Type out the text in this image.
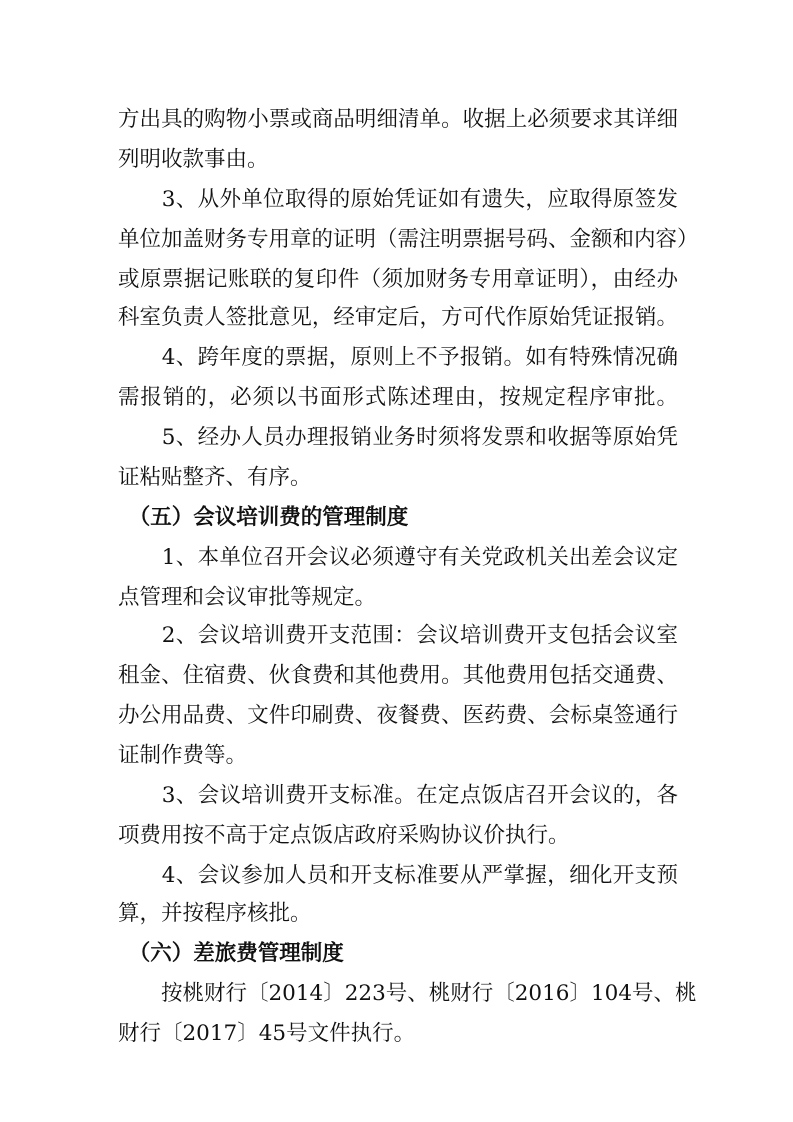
方出具的购物小票或商品明细清单。收据上必须要求其详细
列明收款事由。
　　3、从外单位取得的原始凭证如有遗失，应取得原签发
单位加盖财务专用章的证明（需注明票据号码、金额和内容）
或原票据记账联的复印件（须加财务专用章证明），由经办
科室负责人签批意见，经审定后，方可代作原始凭证报销。
　　4、跨年度的票据，原则上不予报销。如有特殊情况确
需报销的，必须以书面形式陈述理由，按规定程序审批。
　　5、经办人员办理报销业务时须将发票和收据等原始凭
证粘贴整齐、有序。
　（五）会议培训费的管理制度
　　1、本单位召开会议必须遵守有关党政机关出差会议定
点管理和会议审批等规定。
　　2、会议培训费开支范围：会议培训费开支包括会议室
租金、住宿费、伙食费和其他费用。其他费用包括交通费、
办公用品费、文件印刷费、夜餐费、医药费、会标桌签通行
证制作费等。
　　3、会议培训费开支标准。在定点饭店召开会议的，各
项费用按不高于定点饭店政府采购协议价执行。
　　4、会议参加人员和开支标准要从严掌握，细化开支预
算，并按程序核批。
　（六）差旅费管理制度
　　按桃财行〔2014〕223号、桃财行〔2016〕104号、桃
财行〔2017〕45号文件执行。
